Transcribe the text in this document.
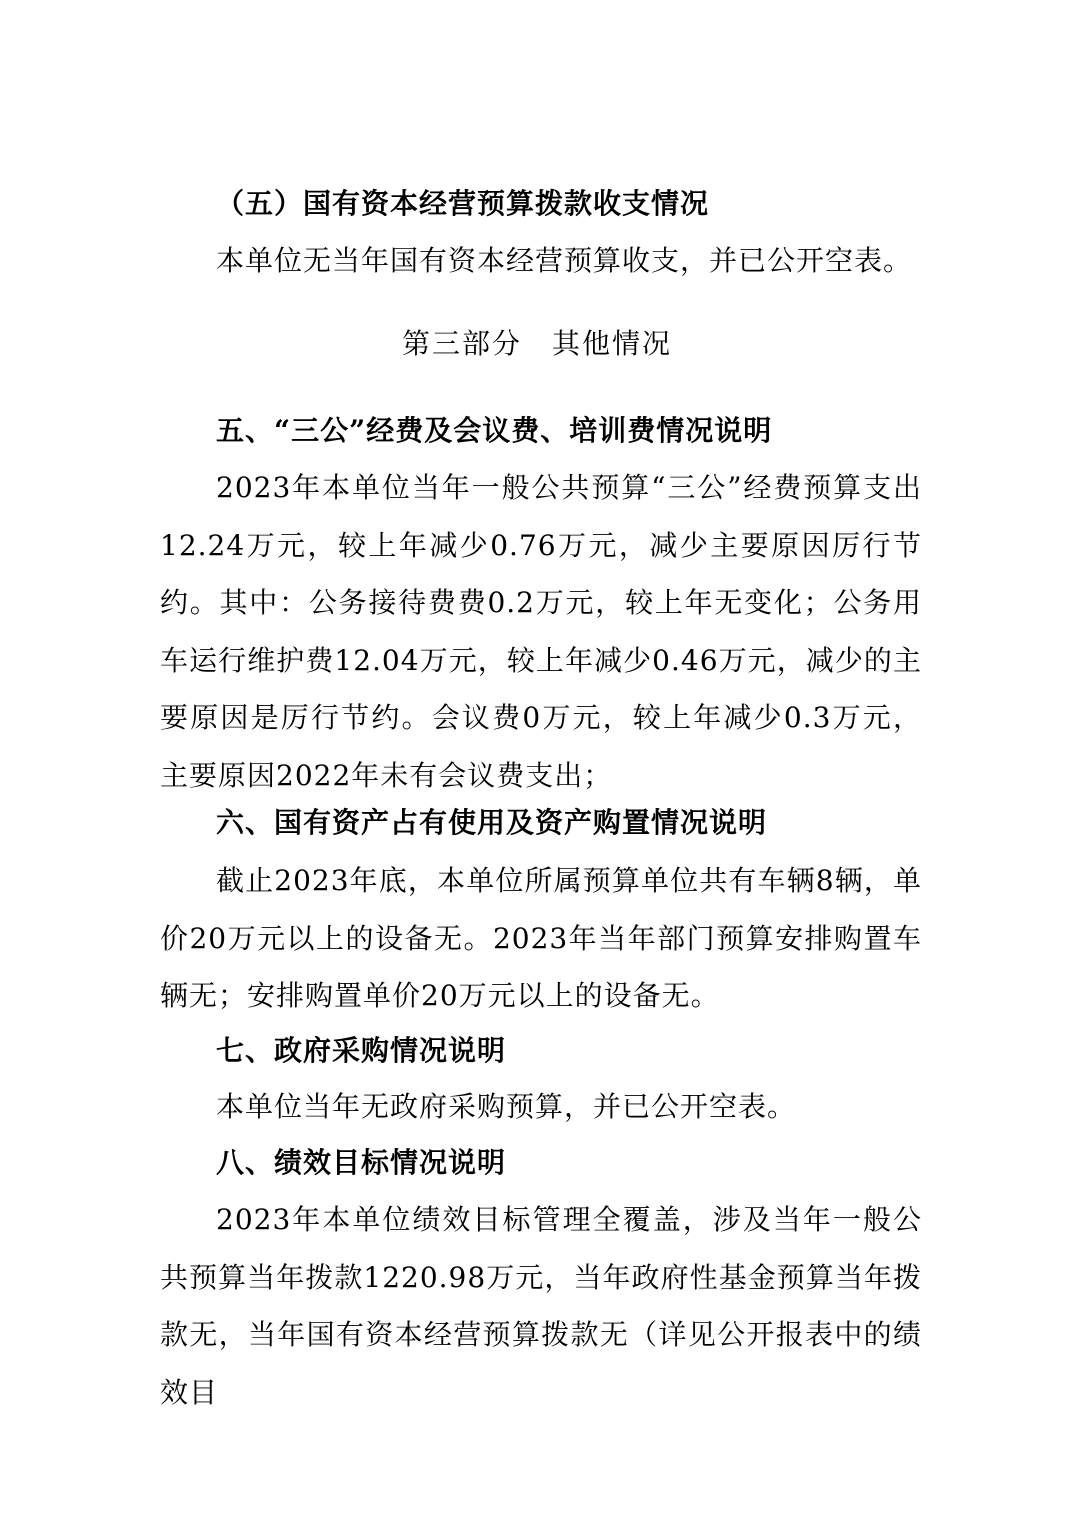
（五）国有资本经营预算拨款收支情况

本单位无当年国有资本经营预算收支，并已公开空表。

第三部分　其他情况

五、“三公”经费及会议费、培训费情况说明

2023年本单位当年一般公共预算“三公”经费预算支出12.24万元，较上年减少0.76万元，减少主要原因厉行节约。其中：公务接待费费0.2万元，较上年无变化；公务用车运行维护费12.04万元，较上年减少0.46万元，减少的主要原因是厉行节约。会议费0万元，较上年减少0.3万元，主要原因2022年未有会议费支出；

六、国有资产占有使用及资产购置情况说明

截止2023年底，本单位所属预算单位共有车辆8辆，单价20万元以上的设备无。2023年当年部门预算安排购置车辆无；安排购置单价20万元以上的设备无。

七、政府采购情况说明

本单位当年无政府采购预算，并已公开空表。

八、绩效目标情况说明

2023年本单位绩效目标管理全覆盖，涉及当年一般公共预算当年拨款1220.98万元，当年政府性基金预算当年拨款无，当年国有资本经营预算拨款无（详见公开报表中的绩效目
